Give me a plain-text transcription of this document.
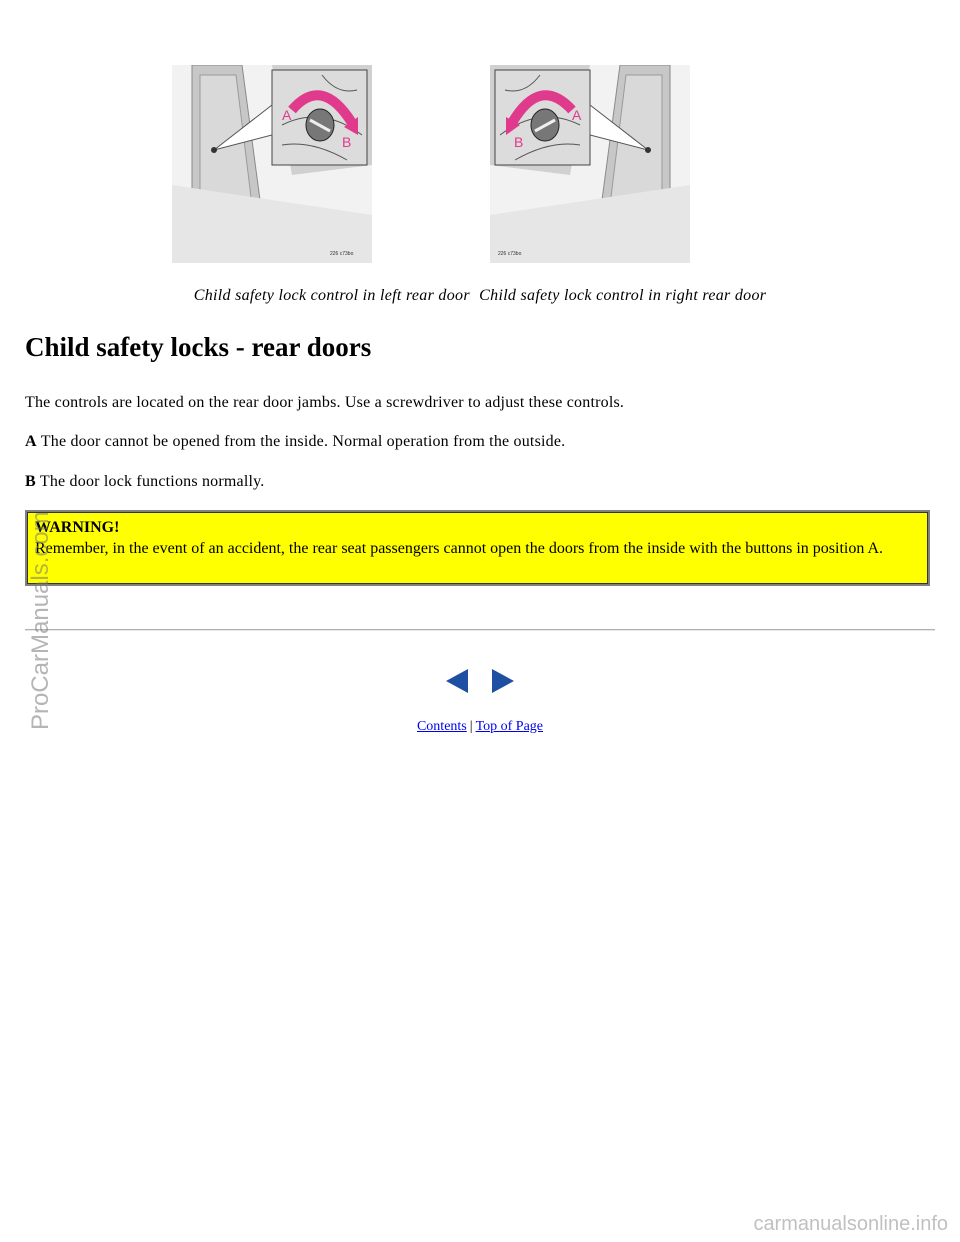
A
B
226 c73bo
A
B
226 c73bo
Child safety lock control in left rear door Child safety lock control in right rear door
Child safety locks - rear doors

The controls are located on the rear door jambs. Use a screwdriver to adjust these controls.

A The door cannot be opened from the inside. Normal operation from the outside.

B The door lock functions normally.

WARNING!
Remember, in the event of an accident, the rear seat passengers cannot open the doors from the inside with the buttons in position A.
Contents | Top of Page
ProCarManuals.com
carmanualsonline.info
